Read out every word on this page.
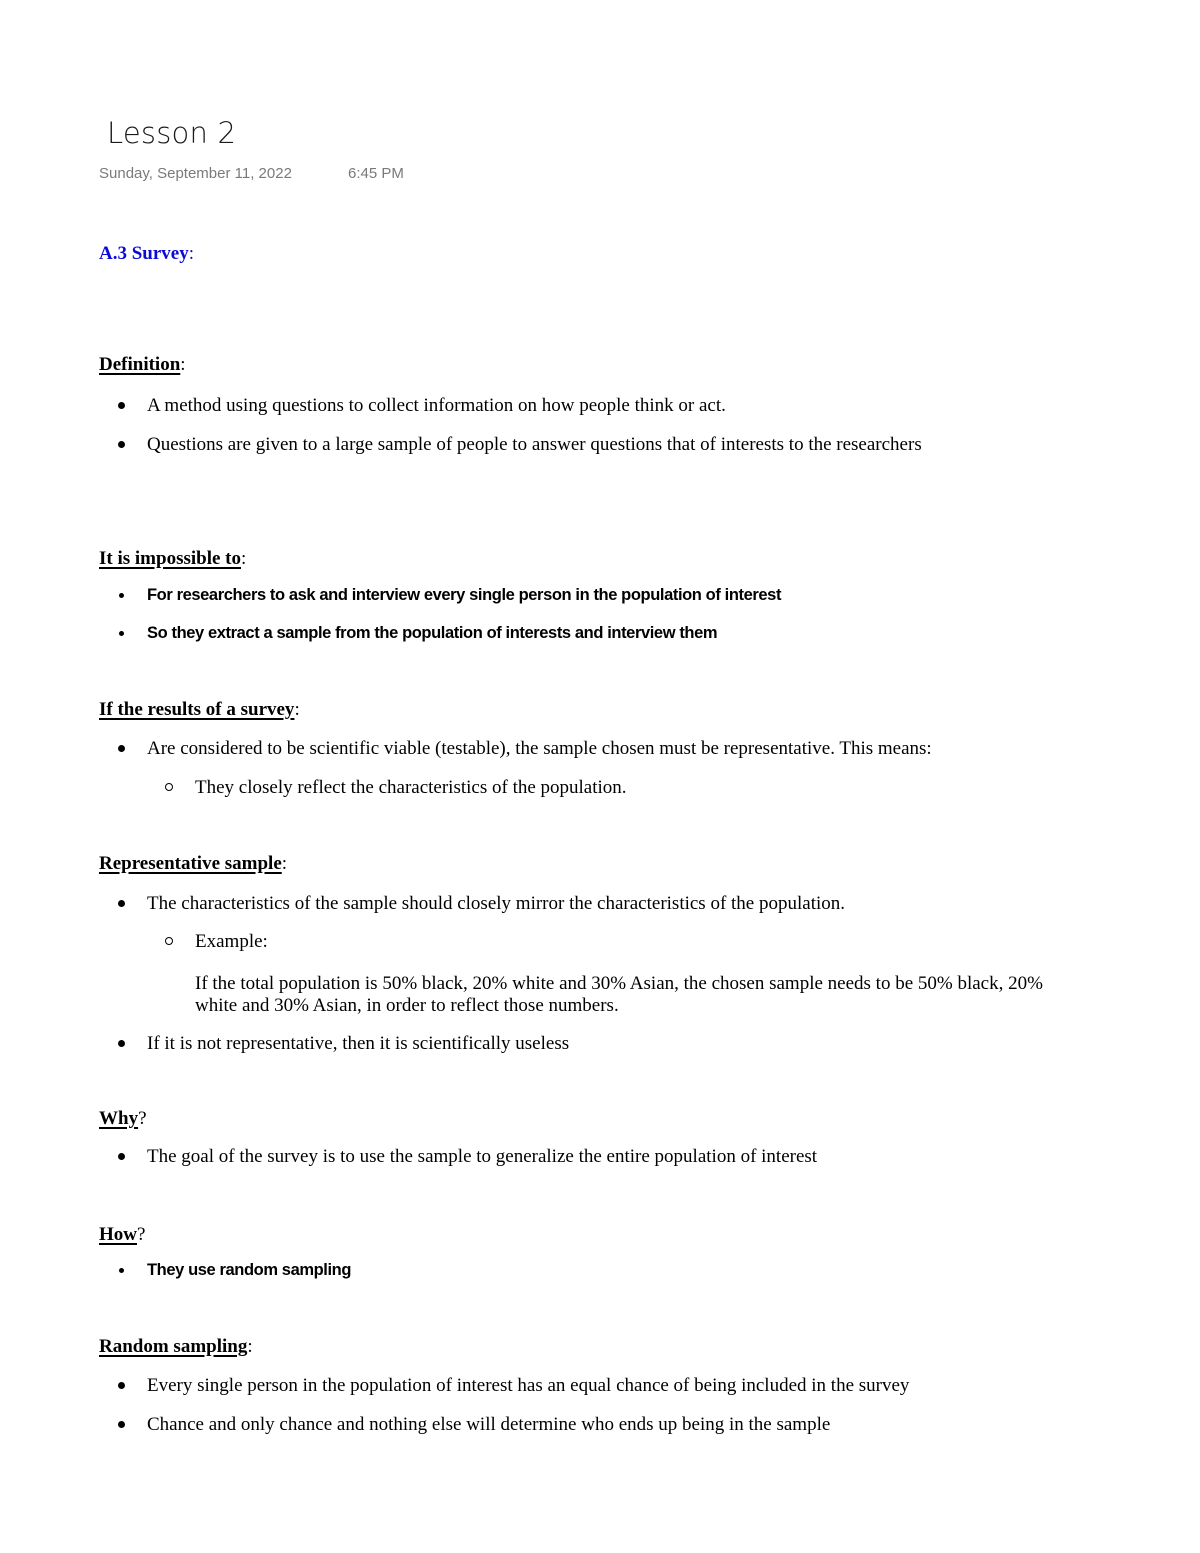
Lesson 2
Sunday, September 11, 2022	6:45 PM
A.3 Survey:
Definition:
A method using questions to collect information on how people think or act.
Questions are given to a large sample of people to answer questions that of interests to the researchers
It is impossible to:
For researchers to ask and interview every single person in the population of interest
So they extract a sample from the population of interests and interview them
If the results of a survey:
Are considered to be scientific viable (testable), the sample chosen must be representative. This means:
They closely reflect the characteristics of the population.
Representative sample:
The characteristics of the sample should closely mirror the characteristics of the population.
Example:
If the total population is 50% black, 20% white and 30% Asian, the chosen sample needs to be 50% black, 20% white and 30% Asian, in order to reflect those numbers.
If it is not representative, then it is scientifically useless
Why?
The goal of the survey is to use the sample to generalize the entire population of interest
How?
They use random sampling
Random sampling:
Every single person in the population of interest has an equal chance of being included in the survey
Chance and only chance and nothing else will determine who ends up being in the sample
